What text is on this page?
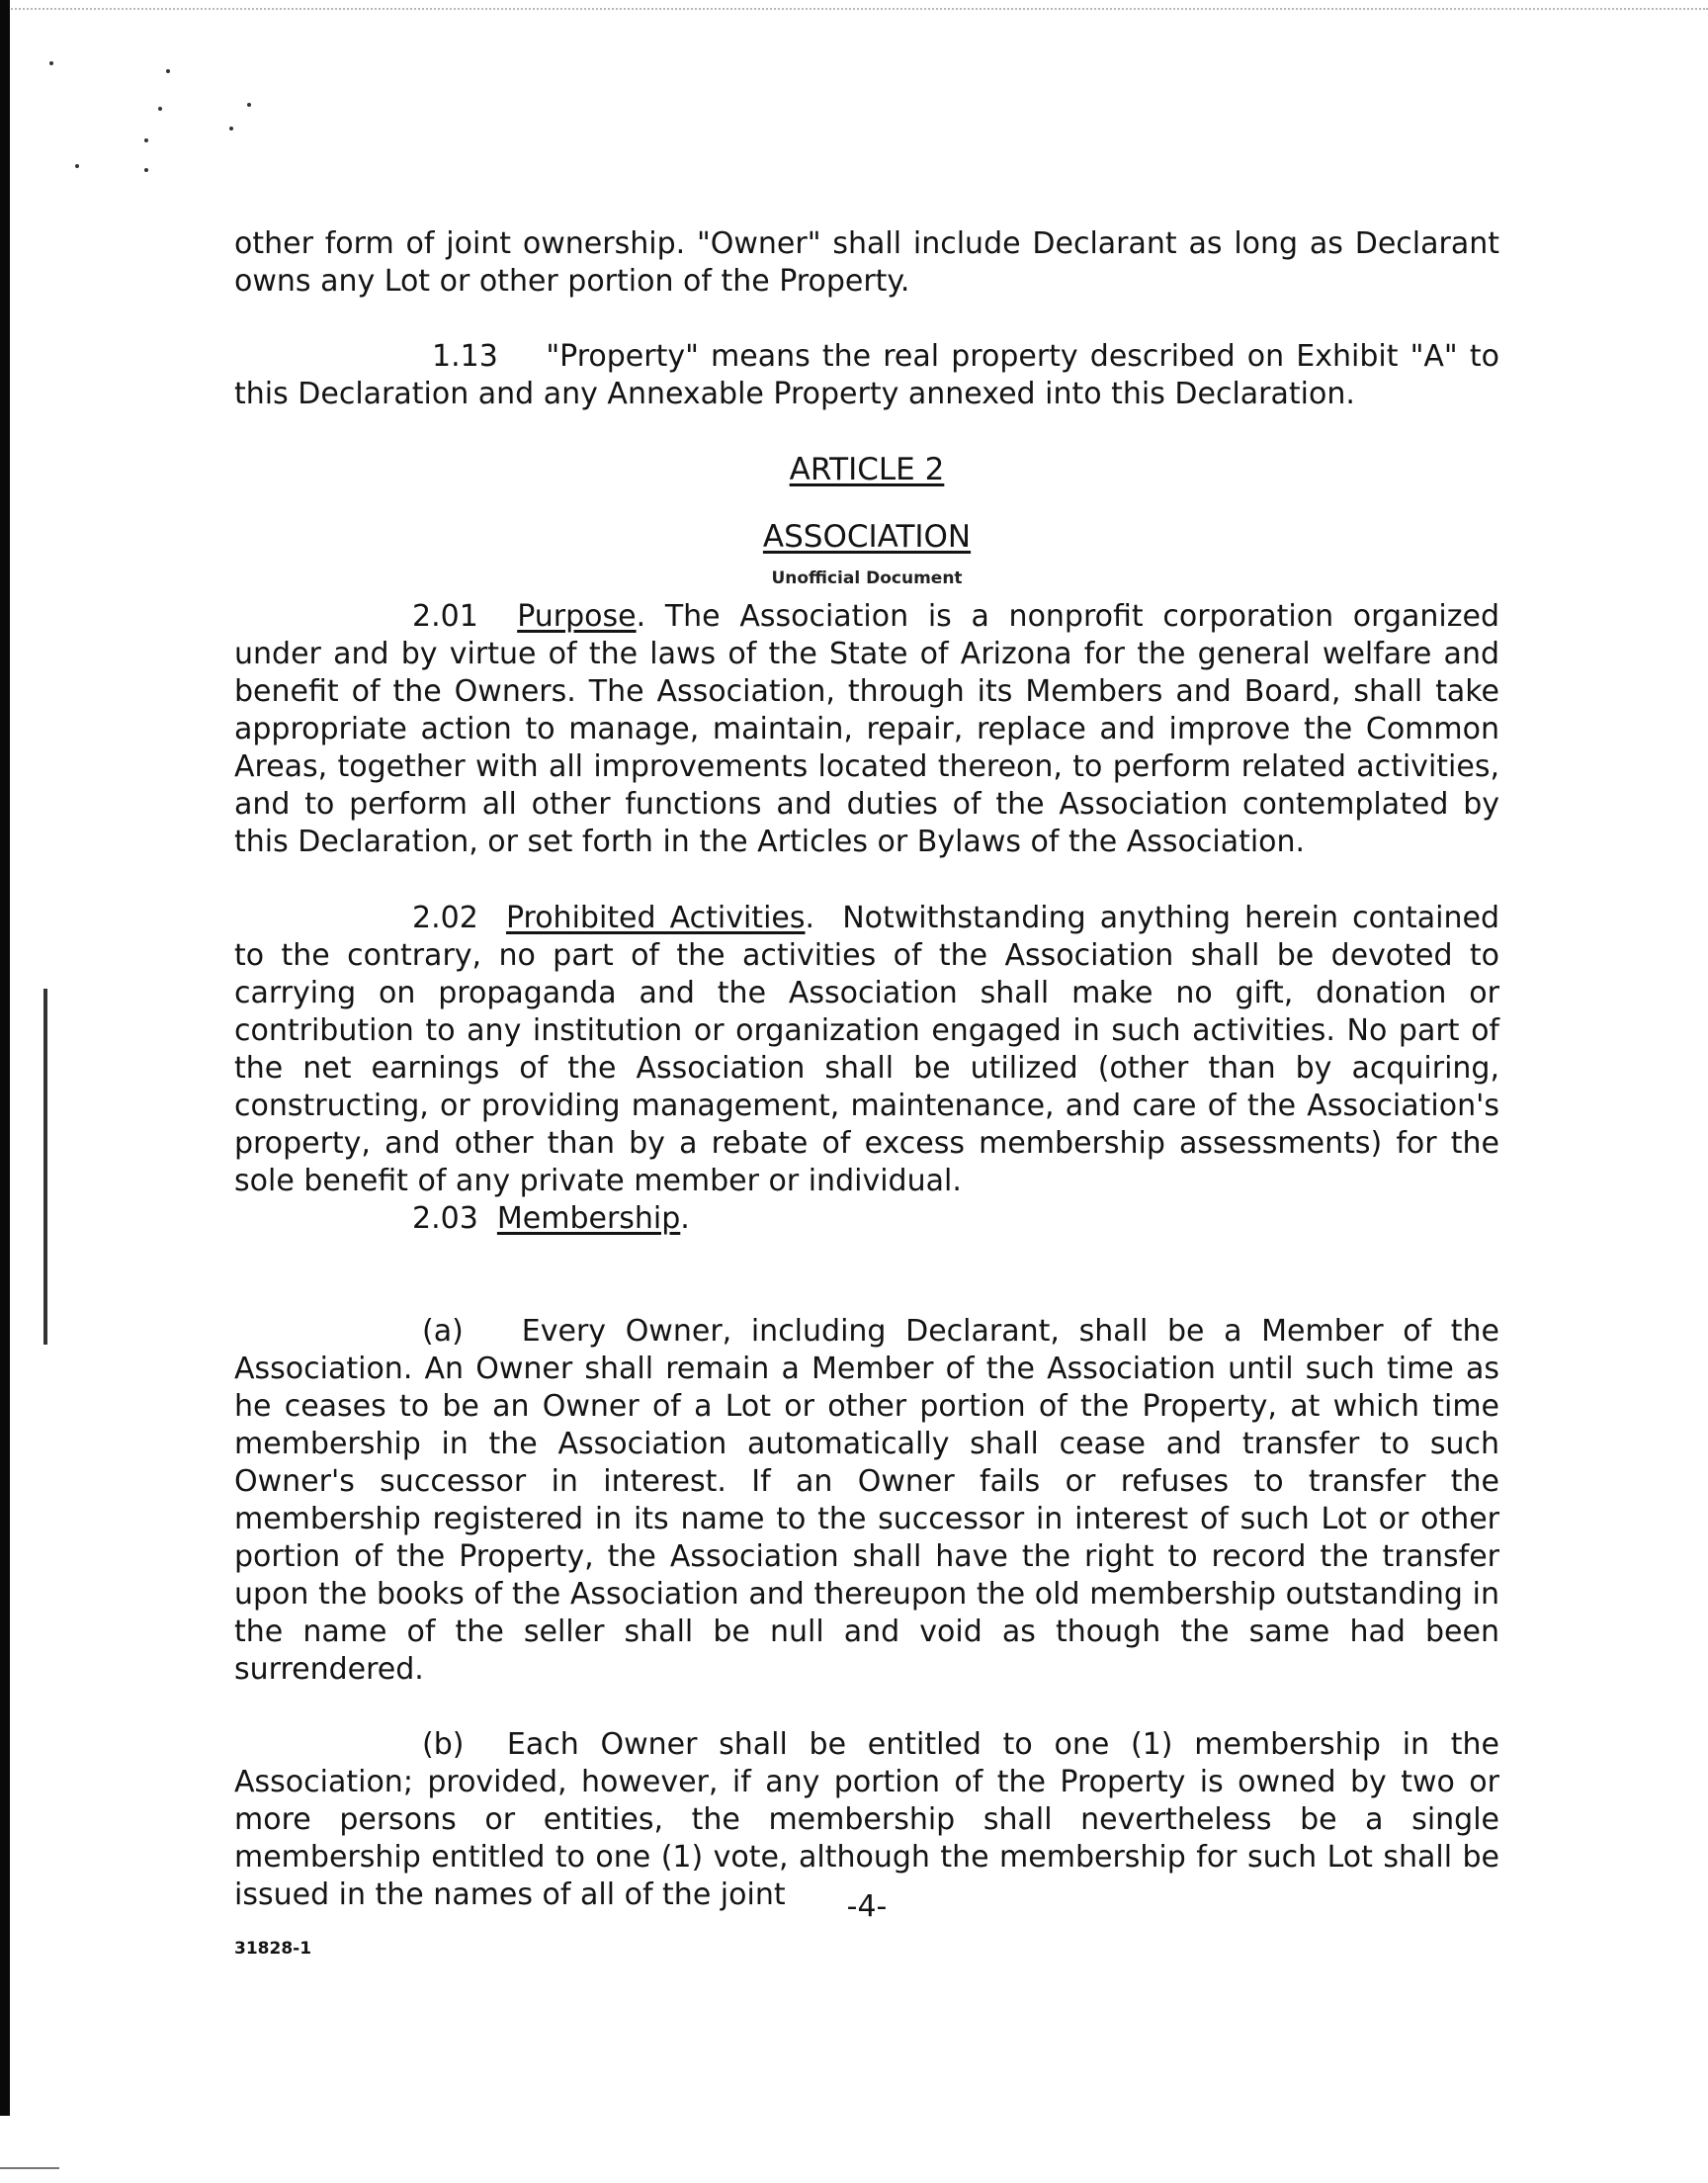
other form of joint ownership. "Owner" shall include Declarant as long as Declarant owns any Lot or other portion of the Property.

1.13 "Property" means the real property described on Exhibit "A" to this Declaration and any Annexable Property annexed into this Declaration.

ARTICLE 2
ASSOCIATION
Unofficial Document

2.01 Purpose. The Association is a nonprofit corporation organized under and by virtue of the laws of the State of Arizona for the general welfare and benefit of the Owners. The Association, through its Members and Board, shall take appropriate action to manage, maintain, repair, replace and improve the Common Areas, together with all improvements located thereon, to perform related activities, and to perform all other functions and duties of the Association contemplated by this Declaration, or set forth in the Articles or Bylaws of the Association.

2.02 Prohibited Activities.  Notwithstanding anything herein contained to the contrary, no part of the activities of the Association shall be devoted to carrying on propaganda and the Association shall make no gift, donation or contribution to any institution or organization engaged in such activities. No part of the net earnings of the Association shall be utilized (other than by acquiring, constructing, or providing management, maintenance, and care of the Association's property, and other than by a rebate of excess membership assessments) for the sole benefit of any private member or individual.

2.03 Membership.

(a) Every Owner, including Declarant, shall be a Member of the Association. An Owner shall remain a Member of the Association until such time as he ceases to be an Owner of a Lot or other portion of the Property, at which time membership in the Association automatically shall cease and transfer to such Owner's successor in interest. If an Owner fails or refuses to transfer the membership registered in its name to the successor in interest of such Lot or other portion of the Property, the Association shall have the right to record the transfer upon the books of the Association and thereupon the old membership outstanding in the name of the seller shall be null and void as though the same had been surrendered.

(b) Each Owner shall be entitled to one (1) membership in the Association; provided, however, if any portion of the Property is owned by two or more persons or entities, the membership shall nevertheless be a single membership entitled to one (1) vote, although the membership for such Lot shall be issued in the names of all of the joint	-4-
31828-1
